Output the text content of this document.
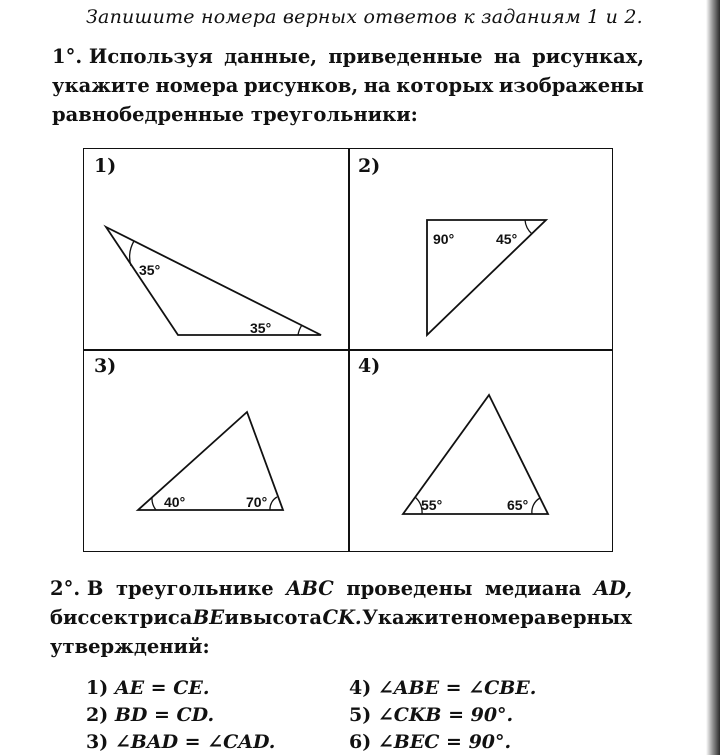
Запишите номера верных ответов к заданиям 1 и 2.
1°. Используя данные, приведенные на рисунках,
укажите номера рисунков, на которых изображены
равнобедренные
треугольники:
1)	2)
3)	4)
35°
35°
90°	45°
40°	70°	55°	65°
2°. В треугольнике ABC проведены медиана AD,
биссектриса BE и высота CK. Укажите номера верных
утверждений:
1) AE = CE.
2) BD = CD.
3) ∠BAD = ∠CAD.
4) ∠ABE = ∠CBE.
5) ∠CKB = 90°.
6) ∠BEC = 90°.
